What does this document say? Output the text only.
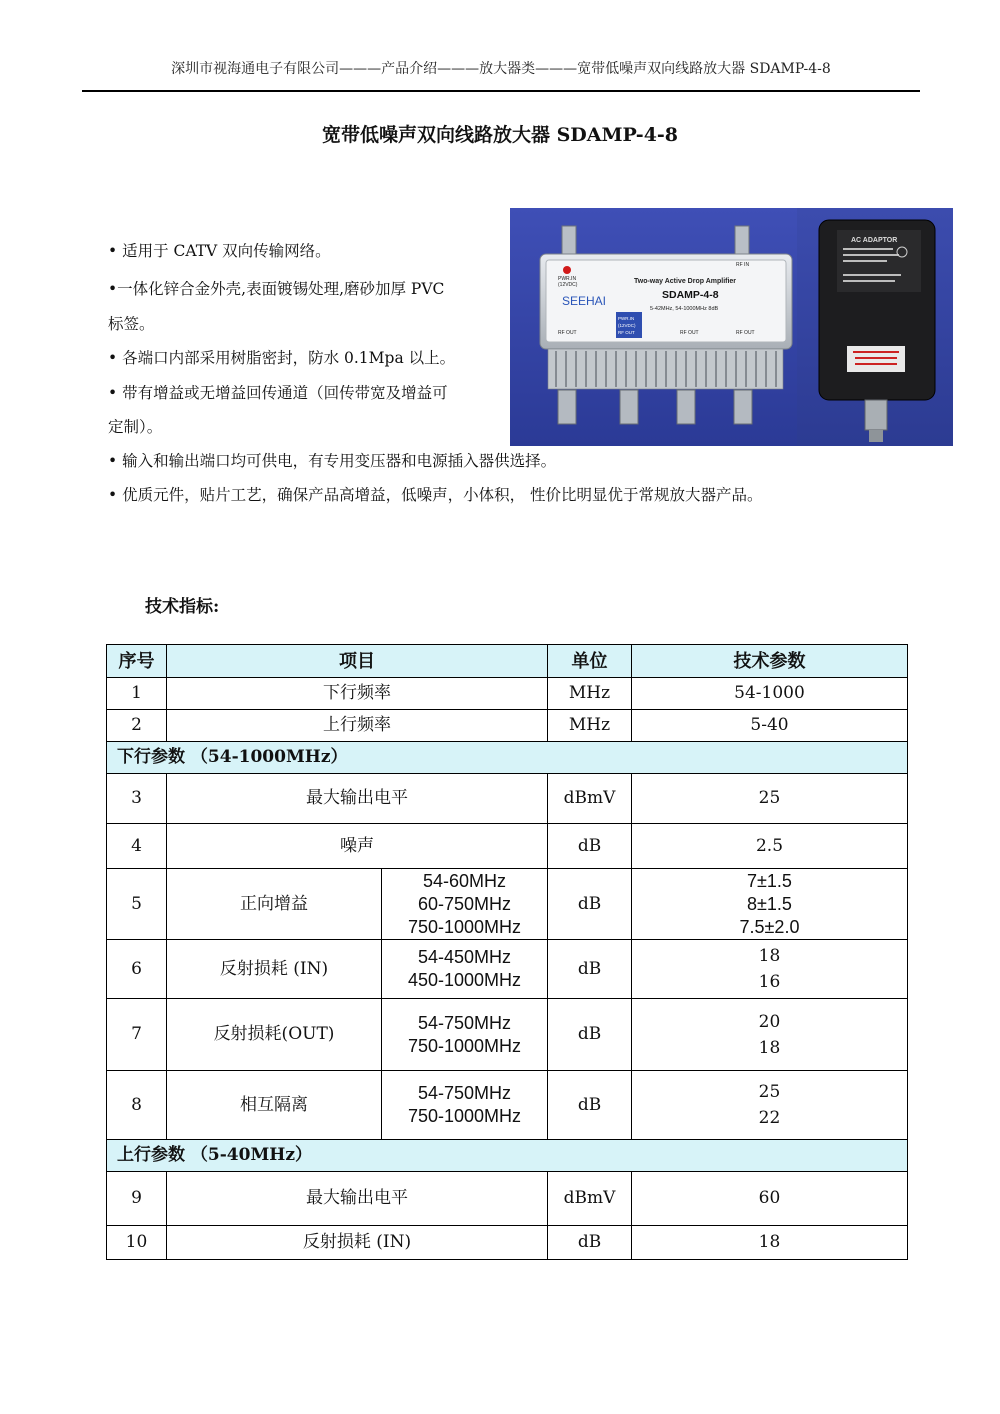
深圳市视海通电子有限公司———产品介绍———放大器类———宽带低噪声双向线路放大器 SDAMP-4-8
宽带低噪声双向线路放大器 SDAMP-4-8
• 适用于 CATV 双向传输网络。
•一体化锌合金外壳,表面镀锡处理,磨砂加厚 PVC
标签。
• 各端口内部采用树脂密封，防水 0.1Mpa 以上。
• 带有增益或无增益回传通道（回传带宽及增益可
定制）。
• 输入和输出端口均可供电，有专用变压器和电源插入器供选择。
• 优质元件，贴片工艺，确保产品高增益，低噪声，小体积， 性价比明显优于常规放大器产品。
PWR.IN
(12VDC)
RF IN
SEEHAI
Two-way Active Drop Amplifier
SDAMP-4-8
5-42MHz, 54-1000MHz 8dB
PWR.IN
(12VDC)
RF OUT
RF OUT	RF OUT	RF OUT
AC ADAPTOR
技术指标:
序号	项目		单位	技术参数
1	下行频率		MHz	54-1000
2	上行频率		MHz	5-40
下行参数 （54-1000MHz）				
3	最大输出电平		dBmV	25
4	噪声		dB	2.5
5	正向增益	54-60MHz
60-750MHz
750-1000MHz	dB	7±1.5
8±1.5
7.5±2.0

6	反射损耗 (IN)	54-450MHz
450-1000MHz	dB	18
16

7	反射损耗(OUT)	54-750MHz
750-1000MHz	dB	20
18

8	相互隔离	54-750MHz
750-1000MHz	dB	25
22

上行参数 （5-40MHz）				
9	最大输出电平		dBmV	60
10	反射损耗 (IN)		dB	18
